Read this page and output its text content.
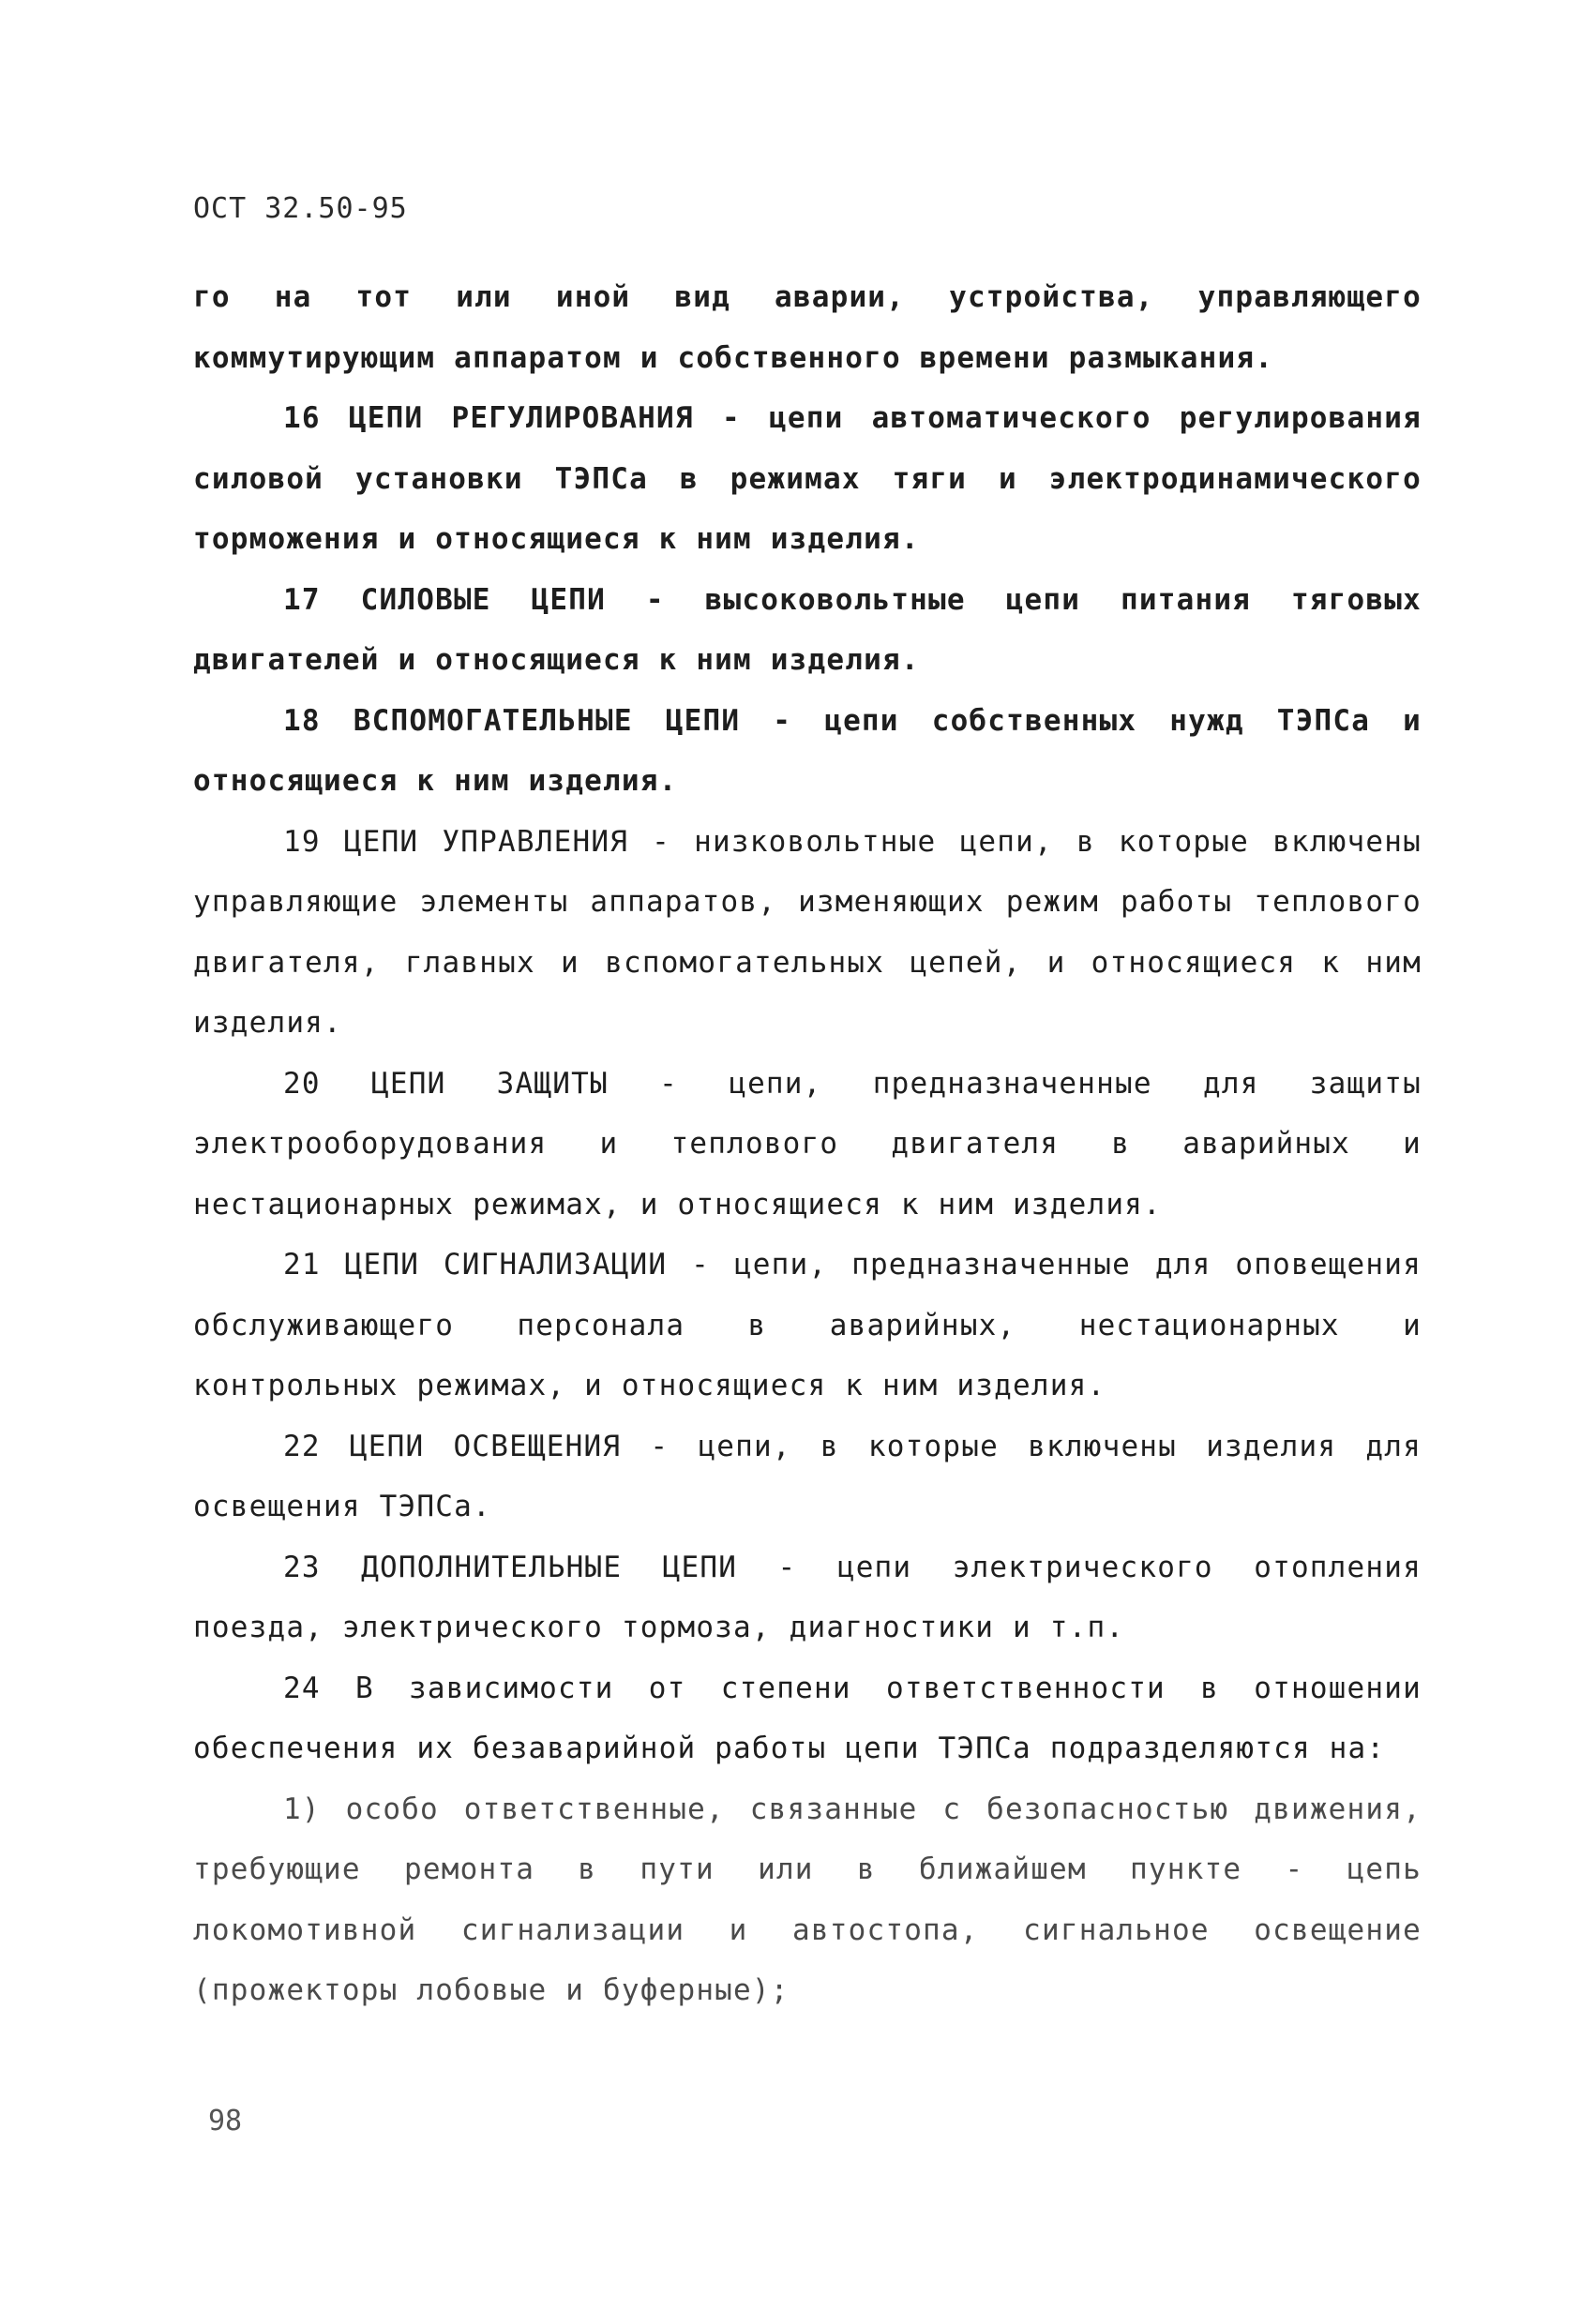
ОСТ 32.50-95

го на тот или иной вид аварии, устройства, управляющего коммутирующим аппаратом и собственного времени размыкания.

16 ЦЕПИ РЕГУЛИРОВАНИЯ - цепи автоматического регулирования силовой установки ТЭПСа в режимах тяги и электродинамического торможения и относящиеся к ним изделия.

17 СИЛОВЫЕ ЦЕПИ - высоковольтные цепи питания тяговых двигателей и относящиеся к ним изделия.

18 ВСПОМОГАТЕЛЬНЫЕ ЦЕПИ - цепи собственных нужд ТЭПСа и относящиеся к ним изделия.

19 ЦЕПИ УПРАВЛЕНИЯ - низковольтные цепи, в которые включены управляющие элементы аппаратов, изменяющих режим работы теплового двигателя, главных и вспомогательных цепей, и относящиеся к ним изделия.

20 ЦЕПИ ЗАЩИТЫ - цепи, предназначенные для защиты электрооборудования и теплового двигателя в аварийных и нестационарных режимах, и относящиеся к ним изделия.

21 ЦЕПИ СИГНАЛИЗАЦИИ - цепи, предназначенные для оповещения обслуживающего персонала в аварийных, нестационарных и контрольных режимах, и относящиеся к ним изделия.

22 ЦЕПИ ОСВЕЩЕНИЯ - цепи, в которые включены изделия для освещения ТЭПСа.

23 ДОПОЛНИТЕЛЬНЫЕ ЦЕПИ - цепи электрического отопления поезда, электрического тормоза, диагностики и т.п.

24 В зависимости от степени ответственности в отношении обеспечения их безаварийной работы цепи ТЭПСа подразделяются на:

1) особо ответственные, связанные с безопасностью движения, требующие ремонта в пути или в ближайшем пункте - цепь локомотивной сигнализации и автостопа, сигнальное освещение (прожекторы лобовые и буферные);

98
